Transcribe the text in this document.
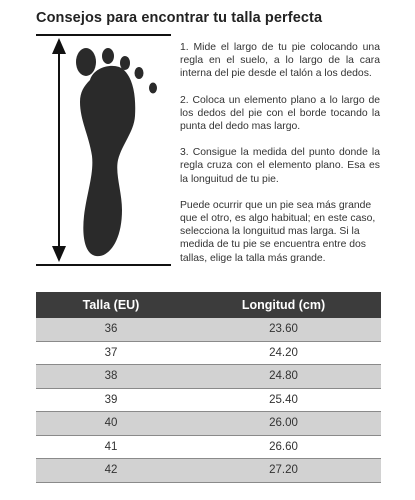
Consejos para encontrar tu talla perfecta

1. Mide el largo de tu pie colocando una regla en el suelo, a lo largo de la cara interna del pie desde el talón a los dedos.

2. Coloca un elemento plano a lo largo de los dedos del pie con el borde tocando la punta del dedo mas largo.

3. Consigue la medida del punto donde la regla cruza con el elemento plano. Esa es la longuitud de tu pie.

Puede ocurrir que un pie sea más grande que el otro, es algo habitual; en este caso, selecciona la longuitud mas larga. Si la medida de tu pie se encuentra entre dos tallas, elige la talla más grande.

Talla (EU)	Longitud (cm)
36	23.60
37	24.20
38	24.80
39	25.40
40	26.00
41	26.60
42	27.20
